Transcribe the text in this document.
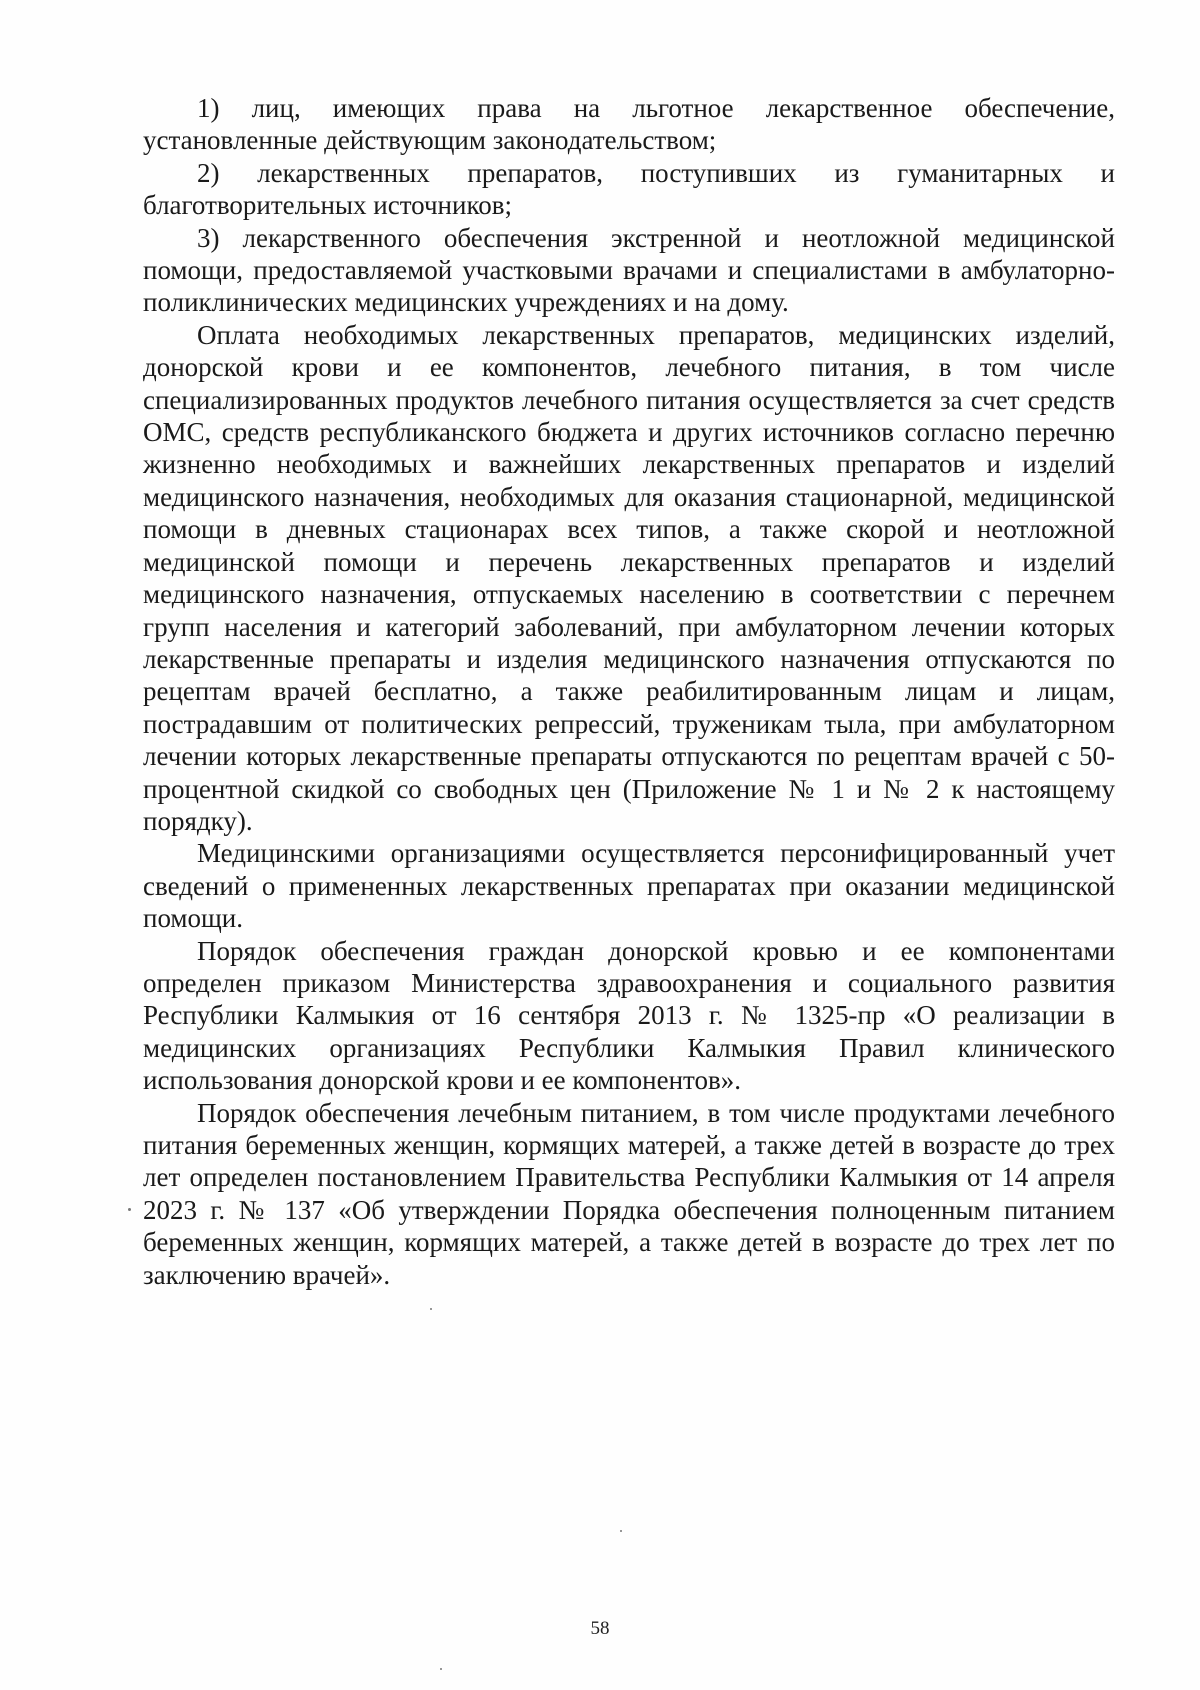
1) лиц, имеющих права на льготное лекарственное обеспечение, установленные действующим законодательством;

2) лекарственных препаратов, поступивших из гуманитарных и благотворительных источников;

3) лекарственного обеспечения экстренной и неотложной медицинской помощи, предоставляемой участковыми врачами и специалистами в амбулаторно-поликлинических медицинских учреждениях и на дому.

Оплата необходимых лекарственных препаратов, медицинских изделий, донорской крови и ее компонентов, лечебного питания, в том числе специализированных продуктов лечебного питания осуществляется за счет средств ОМС, средств республиканского бюджета и других источников согласно перечню жизненно необходимых и важнейших лекарственных препаратов и изделий медицинского назначения, необходимых для оказания стационарной, медицинской помощи в дневных стационарах всех типов, а также скорой и неотложной медицинской помощи и перечень лекарственных препаратов и изделий медицинского назначения, отпускаемых населению в соответствии с перечнем групп населения и категорий заболеваний, при амбулаторном лечении которых лекарственные препараты и изделия медицинского назначения отпускаются по рецептам врачей бесплатно, а также реабилитированным лицам и лицам, пострадавшим от политических репрессий, труженикам тыла, при амбулаторном лечении которых лекарственные препараты отпускаются по рецептам врачей с 50-процентной скидкой со свободных цен (Приложение № 1 и № 2 к настоящему порядку).

Медицинскими организациями осуществляется персонифицированный учет сведений о примененных лекарственных препаратах при оказании медицинской помощи.

Порядок обеспечения граждан донорской кровью и ее компонентами определен приказом Министерства здравоохранения и социального развития Республики Калмыкия от 16 сентября 2013 г. № 1325-пр «О реализации в медицинских организациях Республики Калмыкия Правил клинического использования донорской крови и ее компонентов».

Порядок обеспечения лечебным питанием, в том числе продуктами лечебного питания беременных женщин, кормящих матерей, а также детей в возрасте до трех лет определен постановлением Правительства Республики Калмыкия от 14 апреля 2023 г. № 137 «Об утверждении Порядка обеспечения полноценным питанием беременных женщин, кормящих матерей, а также детей в возрасте до трех лет по заключению врачей».

58
